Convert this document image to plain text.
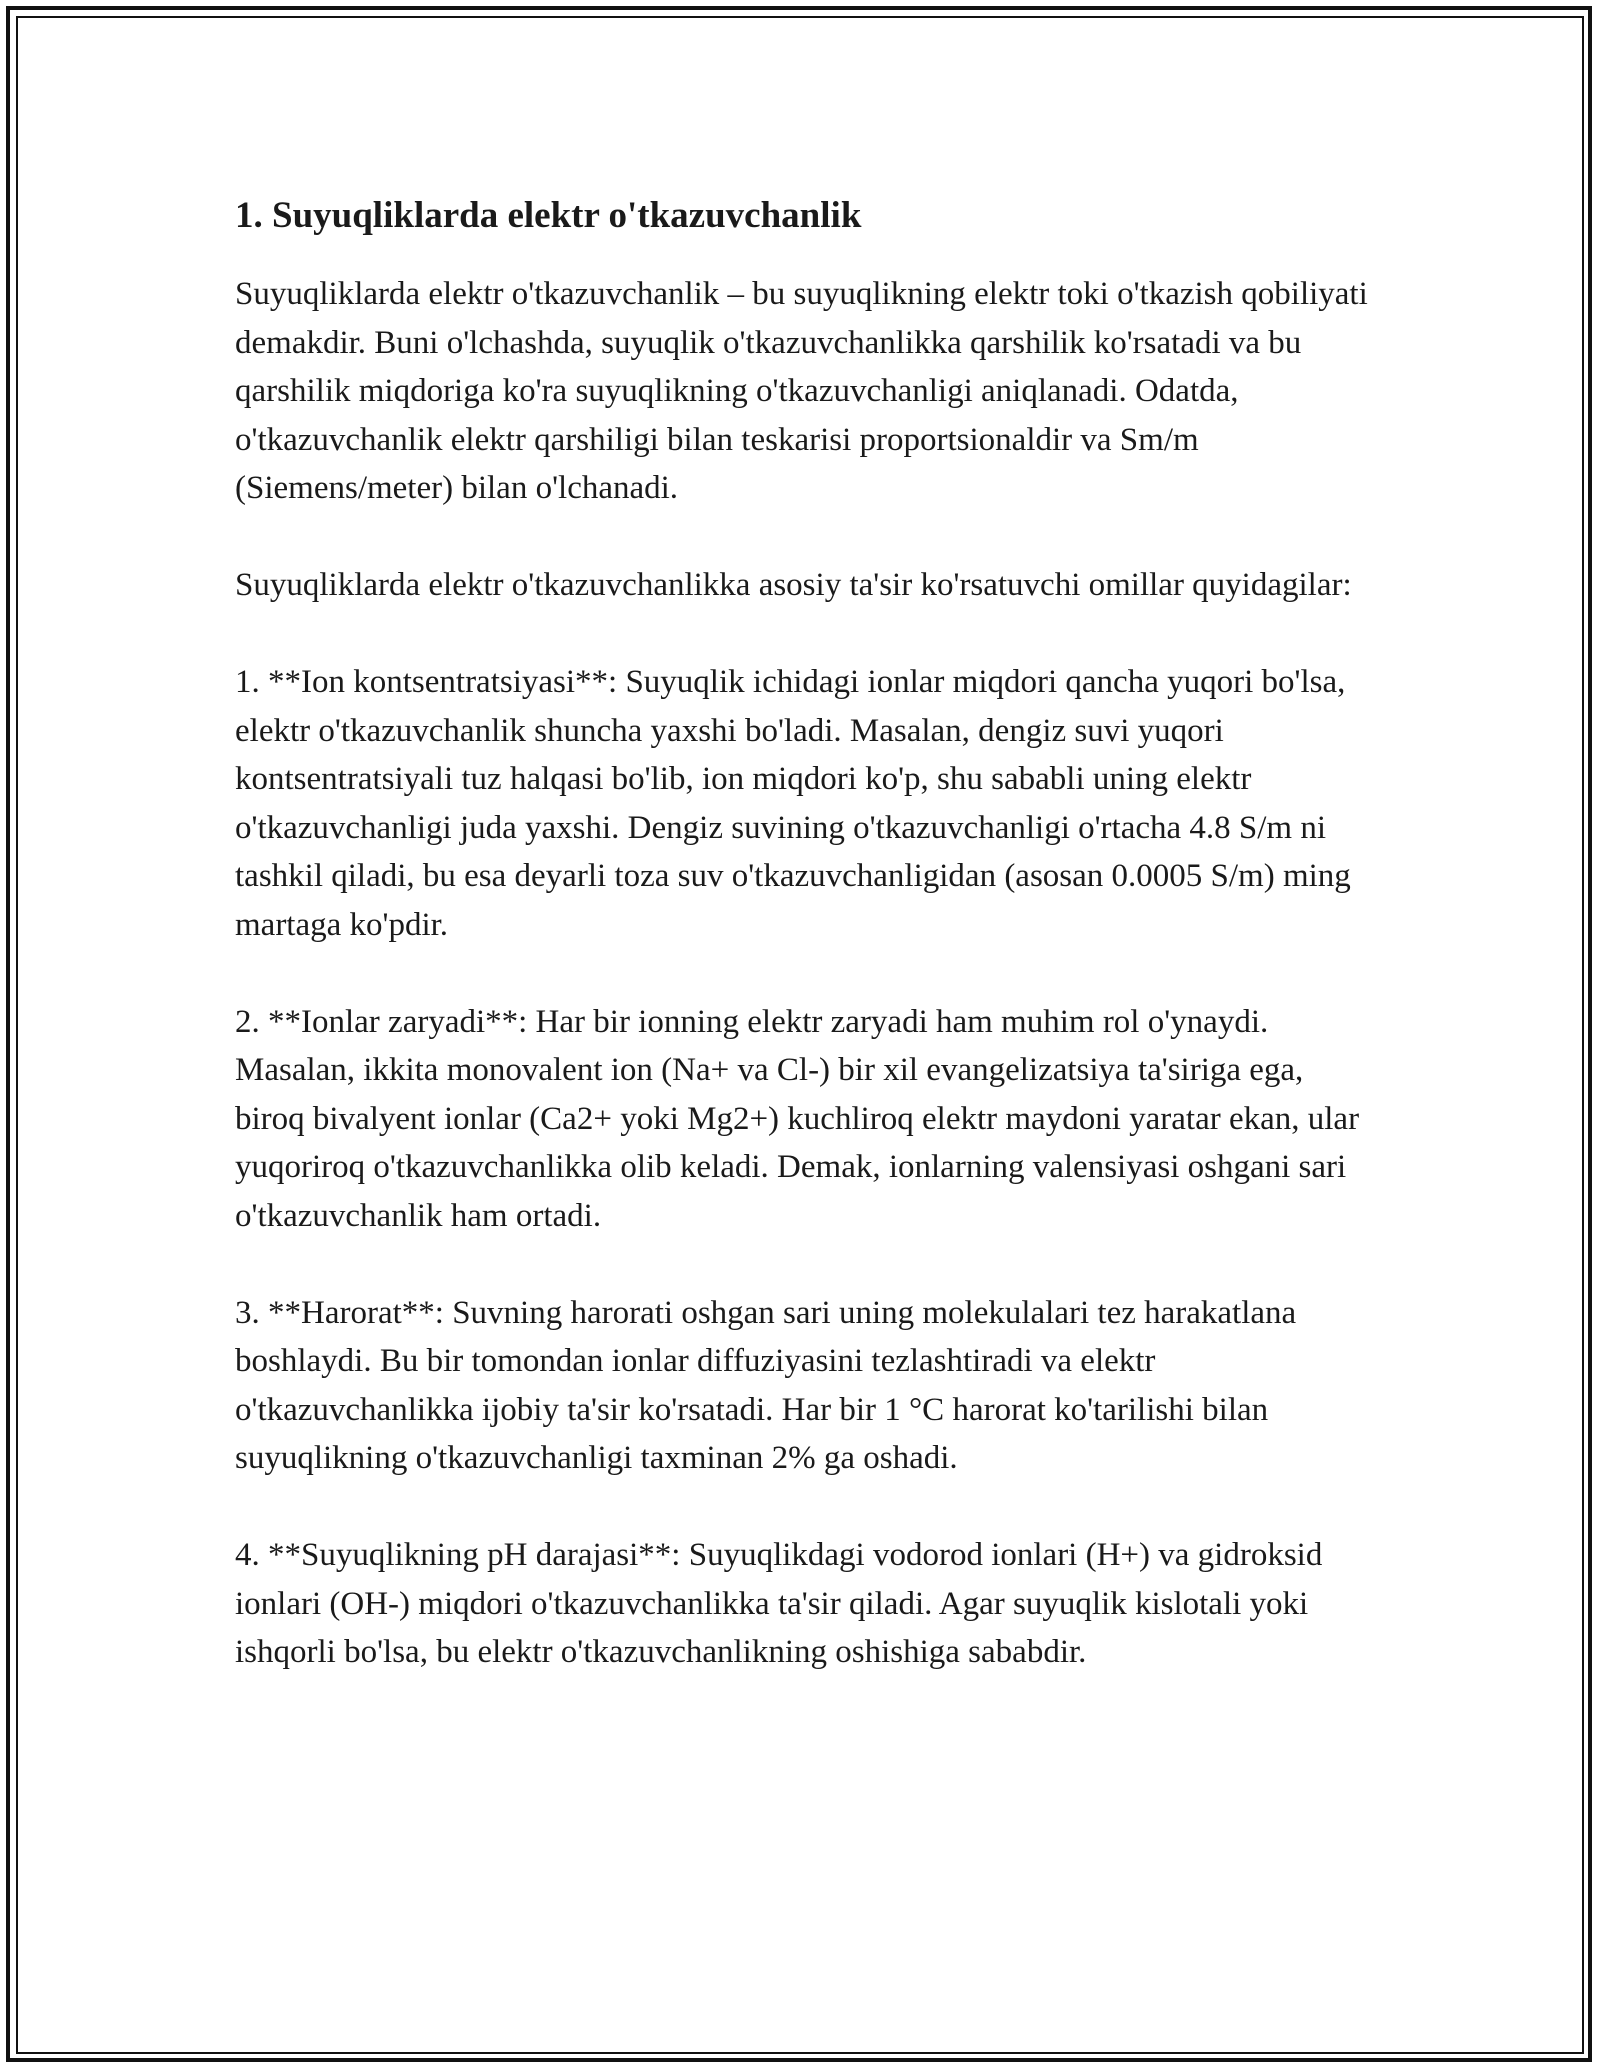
1. Suyuqliklarda elektr o'tkazuvchanlik

Suyuqliklarda elektr o'tkazuvchanlik – bu suyuqlikning elektr toki o'tkazish qobiliyati demakdir. Buni o'lchashda, suyuqlik o'tkazuvchanlikka qarshilik ko'rsatadi va bu qarshilik miqdoriga ko'ra suyuqlikning o'tkazuvchanligi aniqlanadi. Odatda, o'tkazuvchanlik elektr qarshiligi bilan teskarisi proportsionaldir va Sm/m (Siemens/meter) bilan o'lchanadi.

Suyuqliklarda elektr o'tkazuvchanlikka asosiy ta'sir ko'rsatuvchi omillar quyidagilar:

1. **Ion kontsentratsiyasi**: Suyuqlik ichidagi ionlar miqdori qancha yuqori bo'lsa, elektr o'tkazuvchanlik shuncha yaxshi bo'ladi. Masalan, dengiz suvi yuqori kontsentratsiyali tuz halqasi bo'lib, ion miqdori ko'p, shu sababli uning elektr o'tkazuvchanligi juda yaxshi. Dengiz suvining o'tkazuvchanligi o'rtacha 4.8 S/m ni tashkil qiladi, bu esa deyarli toza suv o'tkazuvchanligidan (asosan 0.0005 S/m) ming martaga ko'pdir.

2. **Ionlar zaryadi**: Har bir ionning elektr zaryadi ham muhim rol o'ynaydi. Masalan, ikkita monovalent ion (Na+ va Cl-) bir xil evangelizatsiya ta'siriga ega, biroq bivalyent ionlar (Ca2+ yoki Mg2+) kuchliroq elektr maydoni yaratar ekan, ular yuqoriroq o'tkazuvchanlikka olib keladi. Demak, ionlarning valensiyasi oshgani sari o'tkazuvchanlik ham ortadi.

3. **Harorat**: Suvning harorati oshgan sari uning molekulalari tez harakatlana boshlaydi. Bu bir tomondan ionlar diffuziyasini tezlashtiradi va elektr o'tkazuvchanlikka ijobiy ta'sir ko'rsatadi. Har bir 1 °C harorat ko'tarilishi bilan suyuqlikning o'tkazuvchanligi taxminan 2% ga oshadi.

4. **Suyuqlikning pH darajasi**: Suyuqlikdagi vodorod ionlari (H+) va gidroksid ionlari (OH-) miqdori o'tkazuvchanlikka ta'sir qiladi. Agar suyuqlik kislotali yoki ishqorli bo'lsa, bu elektr o'tkazuvchanlikning oshishiga sababdir.
